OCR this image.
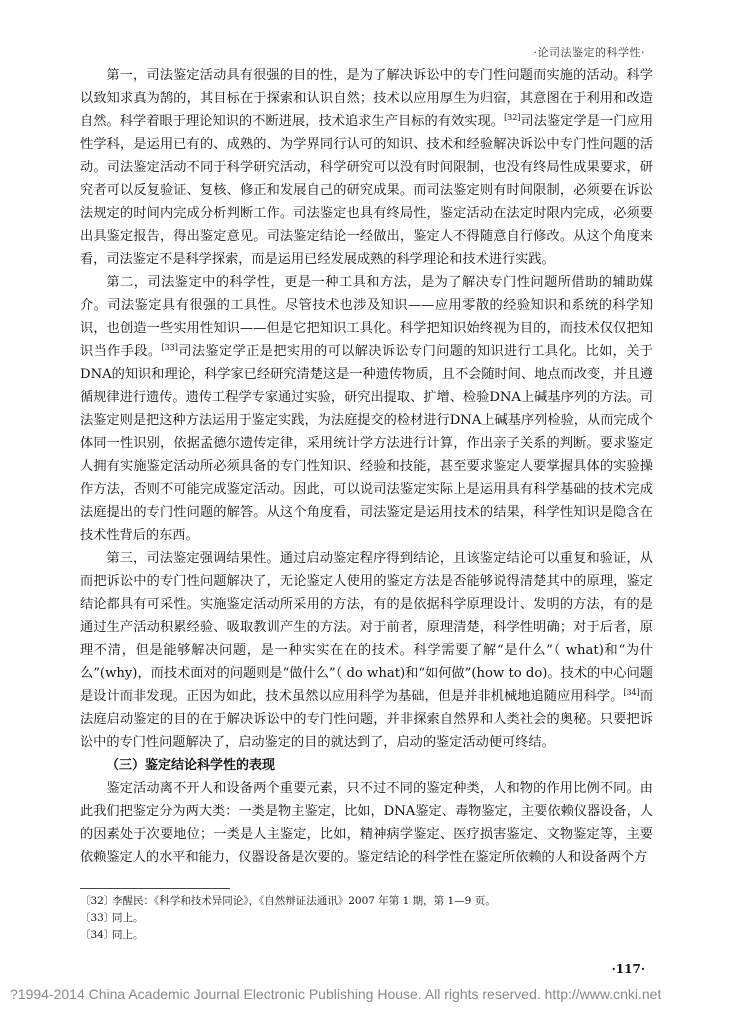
·论司法鉴定的科学性·

第一，司法鉴定活动具有很强的目的性，是为了解决诉讼中的专门性问题而实施的活动。科学以致知求真为鹄的，其目标在于探索和认识自然；技术以应用厚生为归宿，其意图在于利用和改造自然。科学着眼于理论知识的不断进展，技术追求生产目标的有效实现。[32]司法鉴定学是一门应用性学科，是运用已有的、成熟的、为学界同行认可的知识、技术和经验解决诉讼中专门性问题的活动。司法鉴定活动不同于科学研究活动，科学研究可以没有时间限制，也没有终局性成果要求，研究者可以反复验证、复核、修正和发展自己的研究成果。而司法鉴定则有时间限制，必须要在诉讼法规定的时间内完成分析判断工作。司法鉴定也具有终局性，鉴定活动在法定时限内完成，必须要出具鉴定报告，得出鉴定意见。司法鉴定结论一经做出，鉴定人不得随意自行修改。从这个角度来看，司法鉴定不是科学探索，而是运用已经发展成熟的科学理论和技术进行实践。

第二，司法鉴定中的科学性，更是一种工具和方法，是为了解决专门性问题所借助的辅助媒介。司法鉴定具有很强的工具性。尽管技术也涉及知识——应用零散的经验知识和系统的科学知识，也创造一些实用性知识——但是它把知识工具化。科学把知识始终视为目的，而技术仅仅把知识当作手段。[33]司法鉴定学正是把实用的可以解决诉讼专门问题的知识进行工具化。比如，关于DNA的知识和理论，科学家已经研究清楚这是一种遗传物质，且不会随时间、地点而改变，并且遵循规律进行遗传。遗传工程学专家通过实验，研究出提取、扩增、检验DNA上碱基序列的方法。司法鉴定则是把这种方法运用于鉴定实践，为法庭提交的检材进行DNA上碱基序列检验，从而完成个体同一性识别，依据孟德尔遗传定律，采用统计学方法进行计算，作出亲子关系的判断。要求鉴定人拥有实施鉴定活动所必须具备的专门性知识、经验和技能，甚至要求鉴定人要掌握具体的实验操作方法，否则不可能完成鉴定活动。因此，可以说司法鉴定实际上是运用具有科学基础的技术完成法庭提出的专门性问题的解答。从这个角度看，司法鉴定是运用技术的结果，科学性知识是隐含在技术性背后的东西。

第三，司法鉴定强调结果性。通过启动鉴定程序得到结论，且该鉴定结论可以重复和验证，从而把诉讼中的专门性问题解决了，无论鉴定人使用的鉴定方法是否能够说得清楚其中的原理，鉴定结论都具有可采性。实施鉴定活动所采用的方法，有的是依据科学原理设计、发明的方法，有的是通过生产活动积累经验、吸取教训产生的方法。对于前者，原理清楚，科学性明确；对于后者，原理不清，但是能够解决问题，是一种实实在在的技术。科学需要了解“是什么”（ what)和“为什么”(why)，而技术面对的问题则是“做什么”（ do what)和“如何做”(how to do)。技术的中心问题是设计而非发现。正因为如此，技术虽然以应用科学为基础，但是并非机械地追随应用科学。[34]而法庭启动鉴定的目的在于解决诉讼中的专门性问题，并非探索自然界和人类社会的奥秘。只要把诉讼中的专门性问题解决了，启动鉴定的目的就达到了，启动的鉴定活动便可终结。

（三）鉴定结论科学性的表现

鉴定活动离不开人和设备两个重要元素，只不过不同的鉴定种类，人和物的作用比例不同。由此我们把鉴定分为两大类：一类是物主鉴定，比如，DNA鉴定、毒物鉴定，主要依赖仪器设备，人的因素处于次要地位；一类是人主鉴定，比如，精神病学鉴定、医疗损害鉴定、文物鉴定等，主要依赖鉴定人的水平和能力，仪器设备是次要的。鉴定结论的科学性在鉴定所依赖的人和设备两个方

〔32〕李醒民：《科学和技术异同论》，《自然辩证法通讯》2007 年第 1 期，第 1—9 页。
〔33〕同上。
〔34〕同上。
·117·
?1994-2014 China Academic Journal Electronic Publishing House. All rights reserved. http://www.cnki.net
